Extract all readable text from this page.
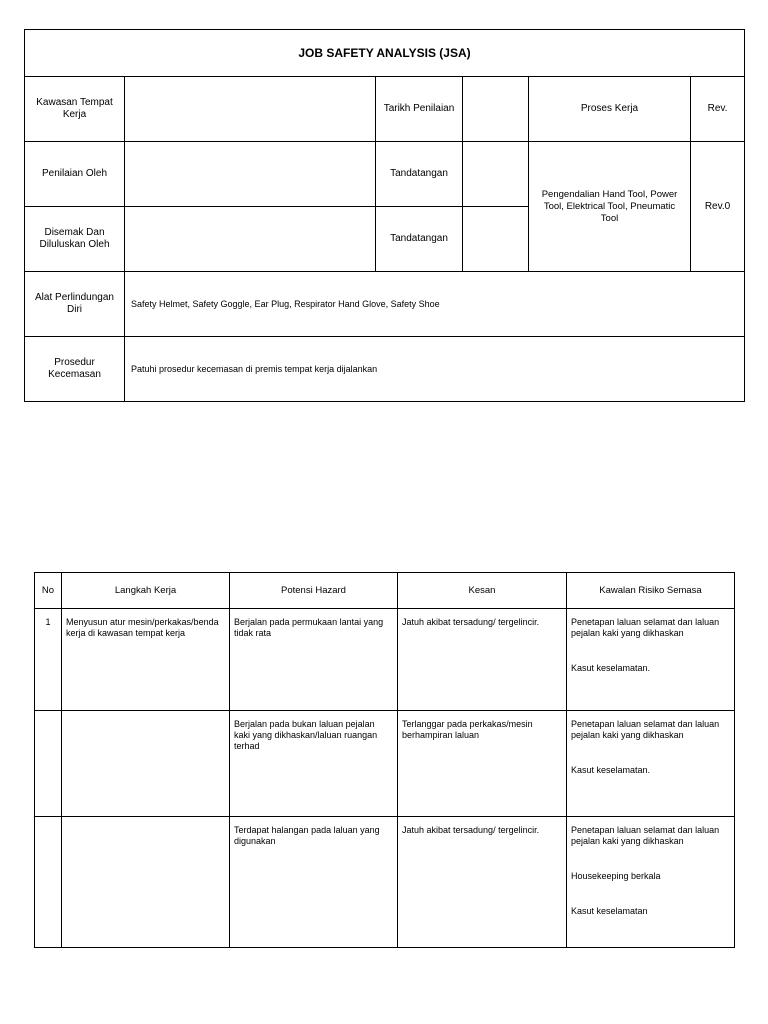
JOB SAFETY ANALYSIS (JSA)					
Kawasan Tempat Kerja		Tarikh Penilaian		Proses Kerja	Rev.
Penilaian Oleh		Tandatangan		Pengendalian Hand Tool, Power Tool, Elektrical Tool, Pneumatic Tool	Rev.0
Disemak Dan Diluluskan Oleh		Tandatangan			
Alat Perlindungan Diri	Safety Helmet, Safety Goggle, Ear Plug, Respirator Hand Glove, Safety Shoe				
Prosedur Kecemasan	Patuhi prosedur kecemasan di premis tempat kerja dijalankan				
No	Langkah Kerja	Potensi Hazard	Kesan	Kawalan Risiko Semasa
1	Menyusun atur mesin/perkakas/benda kerja di kawasan tempat kerja	Berjalan pada permukaan lantai yang tidak rata	Jatuh akibat tersadung/ tergelincir.	Penetapan laluan selamat dan laluan pejalan kaki yang dikhaskan

Kasut keselamatan.

		Berjalan pada bukan laluan pejalan kaki yang dikhaskan/laluan ruangan terhad	Terlanggar pada perkakas/mesin berhampiran laluan	Penetapan laluan selamat dan laluan pejalan kaki yang dikhaskan

Kasut keselamatan.

		Terdapat halangan pada laluan yang digunakan	Jatuh akibat tersadung/ tergelincir.	Penetapan laluan selamat dan laluan pejalan kaki yang dikhaskan

Housekeeping berkala

Kasut keselamatan
